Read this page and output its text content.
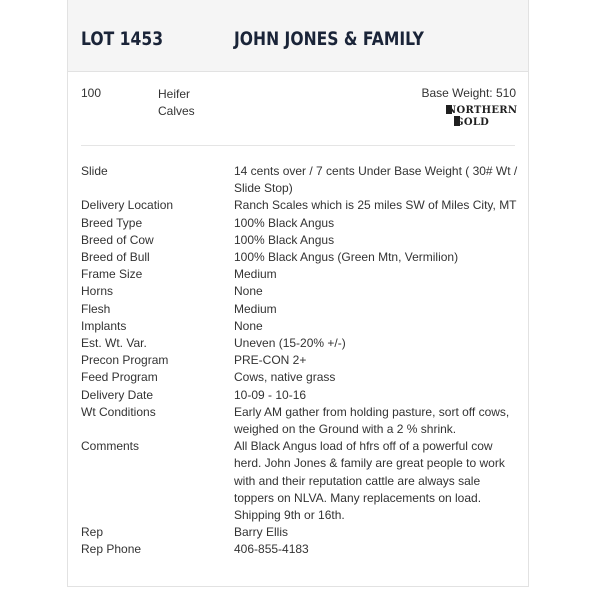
LOT 1453	JOHN JONES & FAMILY
100	Heifer Calves
Base Weight: 510
NORTHERN
GOLD
Slide	14 cents over / 7 cents Under Base Weight ( 30# Wt / Slide Stop)
Delivery Location	Ranch Scales which is 25 miles SW of Miles City, MT
Breed Type	100% Black Angus
Breed of Cow	100% Black Angus
Breed of Bull	100% Black Angus (Green Mtn, Vermilion)
Frame Size	Medium
Horns	None
Flesh	Medium
Implants	None
Est. Wt. Var.	Uneven (15-20% +/-)
Precon Program	PRE-CON 2+
Feed Program	Cows, native grass
Delivery Date	10-09 - 10-16
Wt Conditions	Early AM gather from holding pasture, sort off cows, weighed on the Ground with a 2 % shrink.
Comments	All Black Angus load of hfrs off of a powerful cow herd. John Jones & family are great people to work with and their reputation cattle are always sale toppers on NLVA. Many replacements on load. Shipping 9th or 16th.
Rep	Barry Ellis
Rep Phone	406-855-4183
